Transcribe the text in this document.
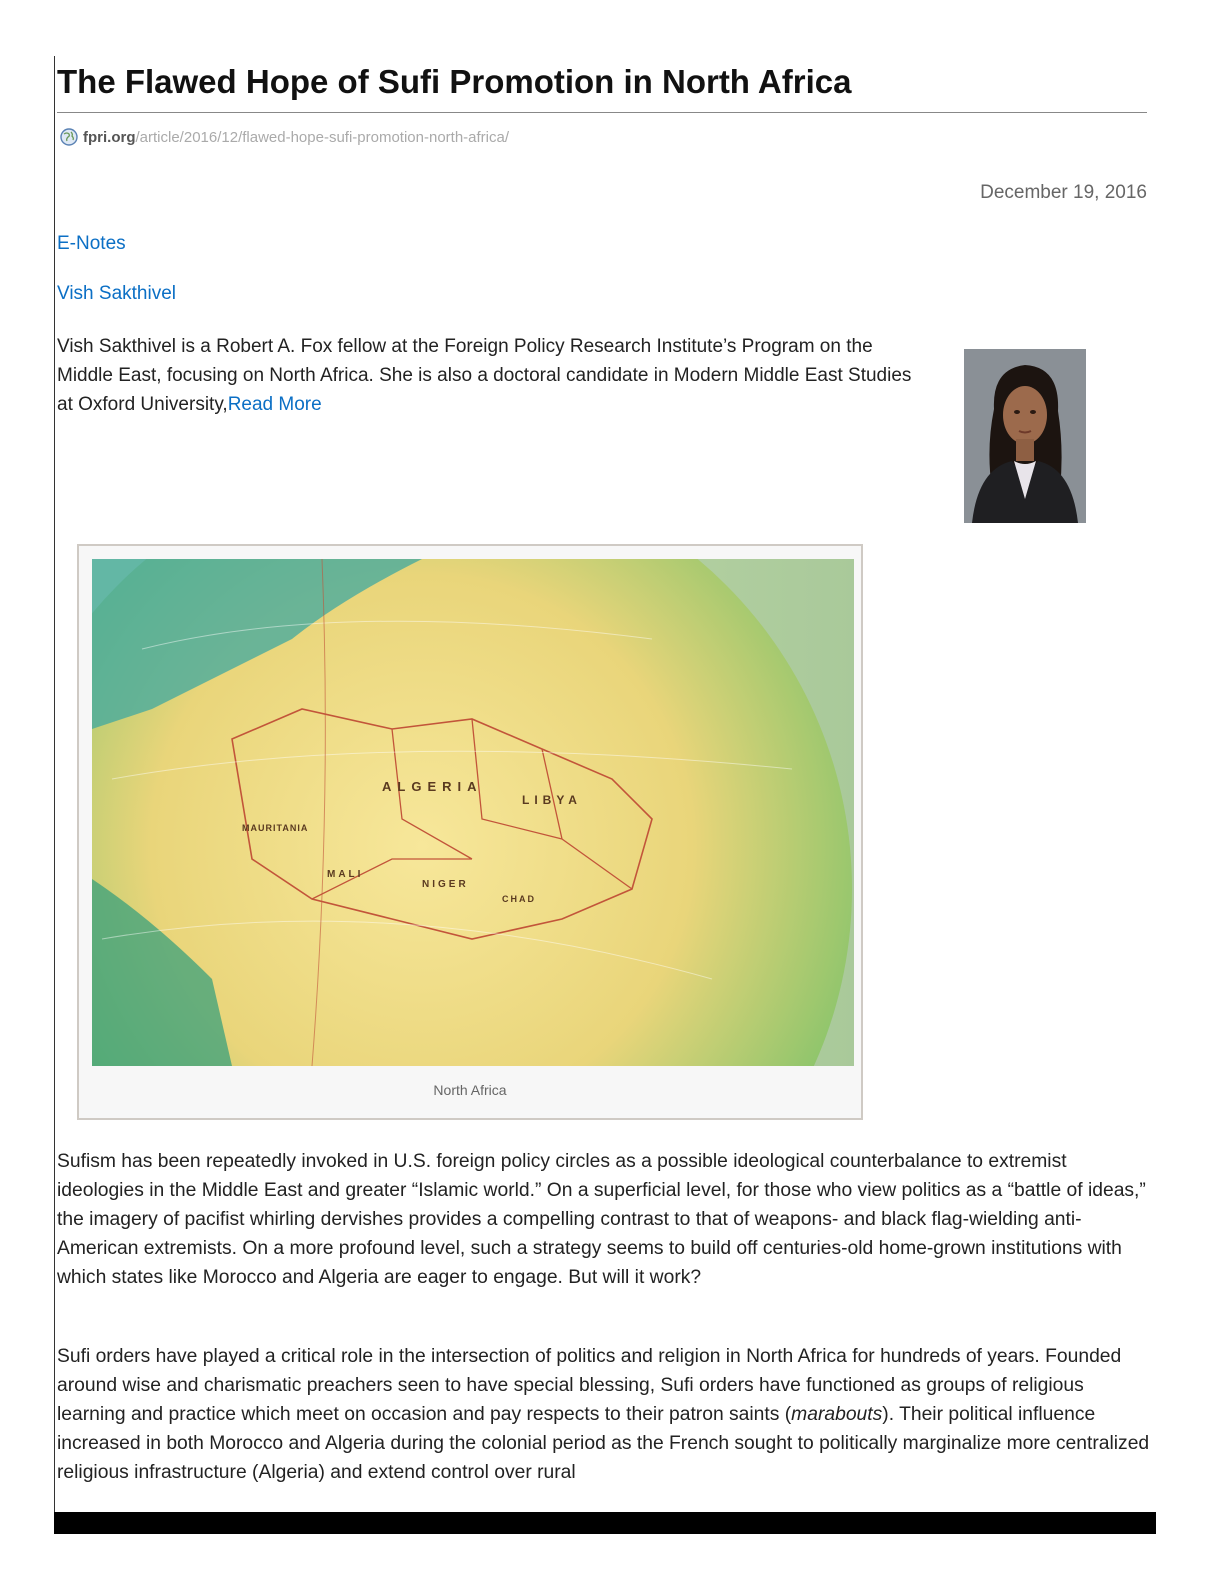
The Flawed Hope of Sufi Promotion in North Africa
fpri.org /article/2016/12/flawed-hope-sufi-promotion-north-africa/
December 19, 2016
E-Notes
Vish Sakthivel

Vish Sakthivel is a Robert A. Fox fellow at the Foreign Policy Research Institute’s Program on the Middle East, focusing on North Africa. She is also a doctoral candidate in Modern Middle East Studies at Oxford University,Read More

ALGERIA
LIBYA
MAURITANIA
MALI
NIGER
CHAD
North Africa

Sufism has been repeatedly invoked in U.S. foreign policy circles as a possible ideological counterbalance to extremist ideologies in the Middle East and greater “Islamic world.” On a superficial level, for those who view politics as a “battle of ideas,” the imagery of pacifist whirling dervishes provides a compelling contrast to that of weapons- and black flag-wielding anti-American extremists. On a more profound level, such a strategy seems to build off centuries-old home-grown institutions with which states like Morocco and Algeria are eager to engage. But will it work?

Sufi orders have played a critical role in the intersection of politics and religion in North Africa for hundreds of years. Founded around wise and charismatic preachers seen to have special blessing, Sufi orders have functioned as groups of religious learning and practice which meet on occasion and pay respects to their patron saints (marabouts). Their political influence increased in both Morocco and Algeria during the colonial period as the French sought to politically marginalize more centralized religious infrastructure (Algeria) and extend control over rural
